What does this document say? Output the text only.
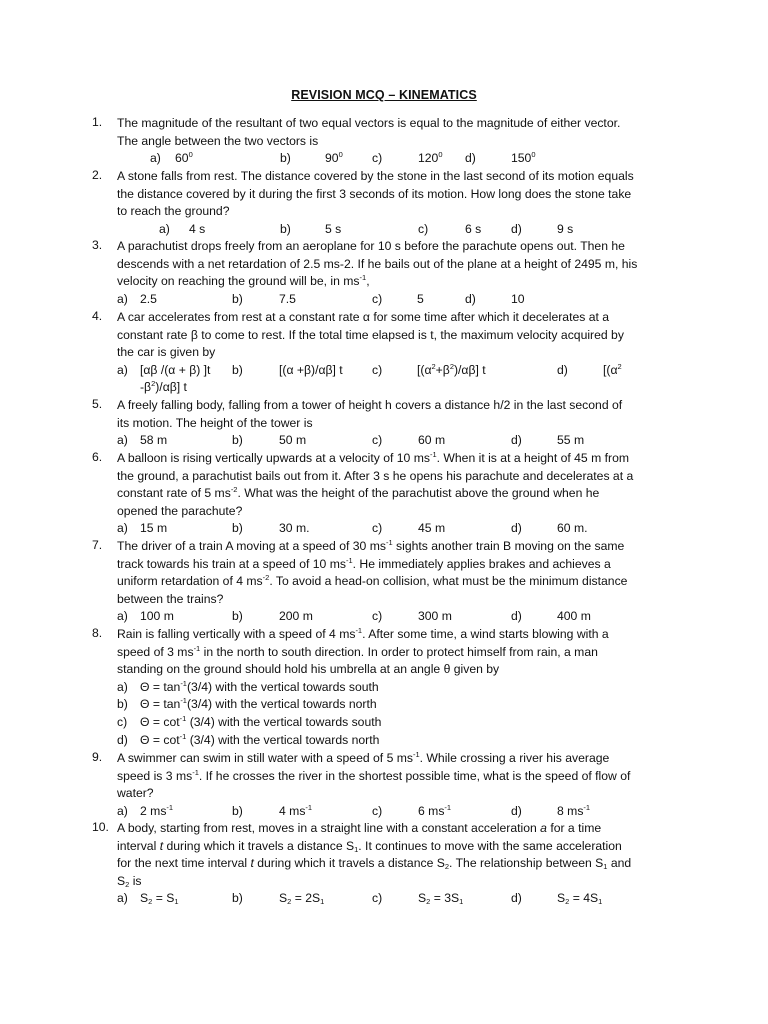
REVISION MCQ – KINEMATICS
1. The magnitude of the resultant of two equal vectors is equal to the magnitude of either vector.
The angle between the two vectors is
a) $60^0$	b)	$90^0$ c)	$120^0$ d)	$150^0$
2. A stone falls from rest. The distance covered by the stone in the last second of its motion equals
the distance covered by it during the first 3 seconds of its motion. How long does the stone take
to reach the ground?
a) 4 s	b)	5 s	c)	6 s d)	9 s
3. A parachutist drops freely from an aeroplane for 10 s before the parachute opens out. Then he
descends with a net retardation of 2.5 ms-2. If he bails out of the plane at a height of 2495 m, his
velocity on reaching the ground will be, in $ms^{-1}$,
a) 2.5	b)	7.5	c)	5	d)	10
4. A car accelerates from rest at a constant rate α for some time after which it decelerates at a
constant rate β to come to rest. If the total time elapsed is t, the maximum velocity acquired by
the car is given by
a) [αβ /(α + β) ]t b)	[(α +β)/αβ] t c)	$[(\alpha^2+\beta^2)/\alpha\beta]$ t	d)	[($\alpha^2$
$-\beta^2)/\alpha\beta$] t
5. A freely falling body, falling from a tower of height h covers a distance h/2 in the last second of
its motion. The height of the tower is
a) 58 m	b)	50 m	c)	60 m	d)	55 m
6. A balloon is rising vertically upwards at a velocity of 10 $ms^{-1}$. When it is at a height of 45 m from
the ground, a parachutist bails out from it. After 3 s he opens his parachute and decelerates at a
constant rate of 5 $ms^{-2}$. What was the height of the parachutist above the ground when he
opened the parachute?
a) 15 m	b)	30 m.	c)	45 m	d)	60 m.
7. The driver of a train A moving at a speed of 30 $ms^{-1}$ sights another train B moving on the same
track towards his train at a speed of 10 $ms^{-1}$. He immediately applies brakes and achieves a
uniform retardation of 4 $ms^{-2}$. To avoid a head-on collision, what must be the minimum distance
between the trains?
a) 100 m	b)	200 m	c)	300 m	d)	400 m
8. Rain is falling vertically with a speed of 4 $ms^{-1}$. After some time, a wind starts blowing with a
speed of 3 $ms^{-1}$ in the north to south direction. In order to protect himself from rain, a man
standing on the ground should hold his umbrella at an angle θ given by
a) $\Theta = \tan^{-1}(3/4)$ with the vertical towards south
b) $\Theta = \tan^{-1}(3/4)$ with the vertical towards north
c) $\Theta = \cot^{-1} (3/4)$ with the vertical towards south
d) $\Theta = \cot^{-1} (3/4)$ with the vertical towards north
9. A swimmer can swim in still water with a speed of 5 $ms^{-1}$. While crossing a river his average
speed is 3 $ms^{-1}$. If he crosses the river in the shortest possible time, what is the speed of flow of
water?
a) 2 $ms^{-1}$	b)	4 $ms^{-1}$	c)	6 $ms^{-1}$	d)	8 $ms^{-1}$
10. A body, starting from rest, moves in a straight line with a constant acceleration a for a time
interval t during which it travels a distance $S_1$. It continues to move with the same acceleration
for the next time interval t during which it travels a distance $S_2$. The relationship between $S_1$ and
$S_2$ is
a) $S_2 = S_1$	b)	$S_2 = 2S_1$	c)	$S_2 = 3S_1$	d)	$S_2 = 4S_1$
